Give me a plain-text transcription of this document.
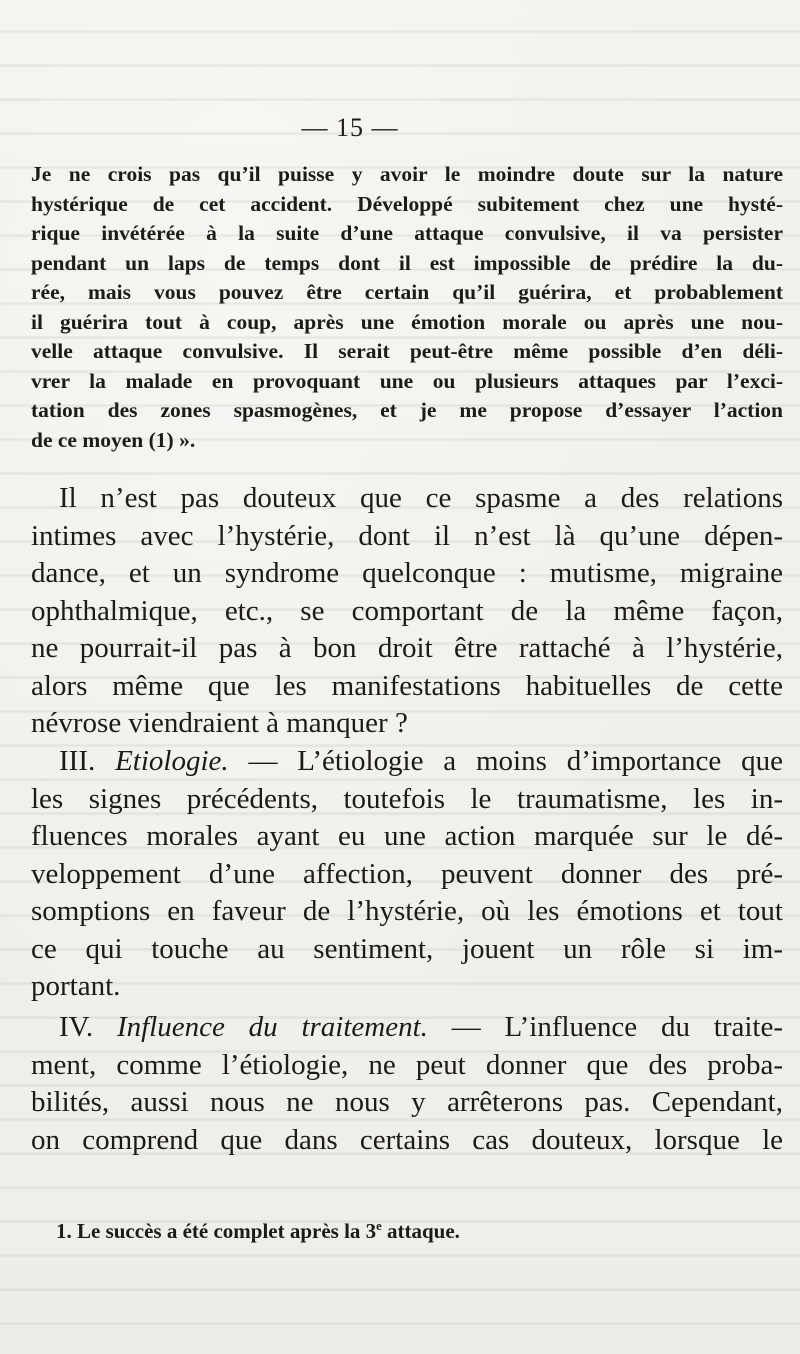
— 15 —
Je ne crois pas qu’il puisse y avoir le moindre doute sur la nature
hystérique de cet accident. Développé subitement chez une hysté-
rique invétérée à la suite d’une attaque convulsive, il va persister
pendant un laps de temps dont il est impossible de prédire la du-
rée, mais vous pouvez être certain qu’il guérira, et probablement
il guérira tout à coup, après une émotion morale ou après une nou-
velle attaque convulsive. Il serait peut-être même possible d’en déli-
vrer la malade en provoquant une ou plusieurs attaques par l’exci-
tation des zones spasmogènes, et je me propose d’essayer l’action
de ce moyen (1) ».
Il n’est pas douteux que ce spasme a des relations
intimes avec l’hystérie, dont il n’est là qu’une dépen-
dance, et un syndrome quelconque : mutisme, migraine
ophthalmique, etc., se comportant de la même façon,
ne pourrait-il pas à bon droit être rattaché à l’hystérie,
alors même que les manifestations habituelles de cette
névrose viendraient à manquer ?
III. Etiologie. — L’étiologie a moins d’importance que
les signes précédents, toutefois le traumatisme, les in-
fluences morales ayant eu une action marquée sur le dé-
veloppement d’une affection, peuvent donner des pré-
somptions en faveur de l’hystérie, où les émotions et tout
ce qui touche au sentiment, jouent un rôle si im-
portant.
IV. Influence du traitement. — L’influence du traite-
ment, comme l’étiologie, ne peut donner que des proba-
bilités, aussi nous ne nous y arrêterons pas. Cependant,
on comprend que dans certains cas douteux, lorsque le
1. Le succès a été complet après la 3e attaque.
